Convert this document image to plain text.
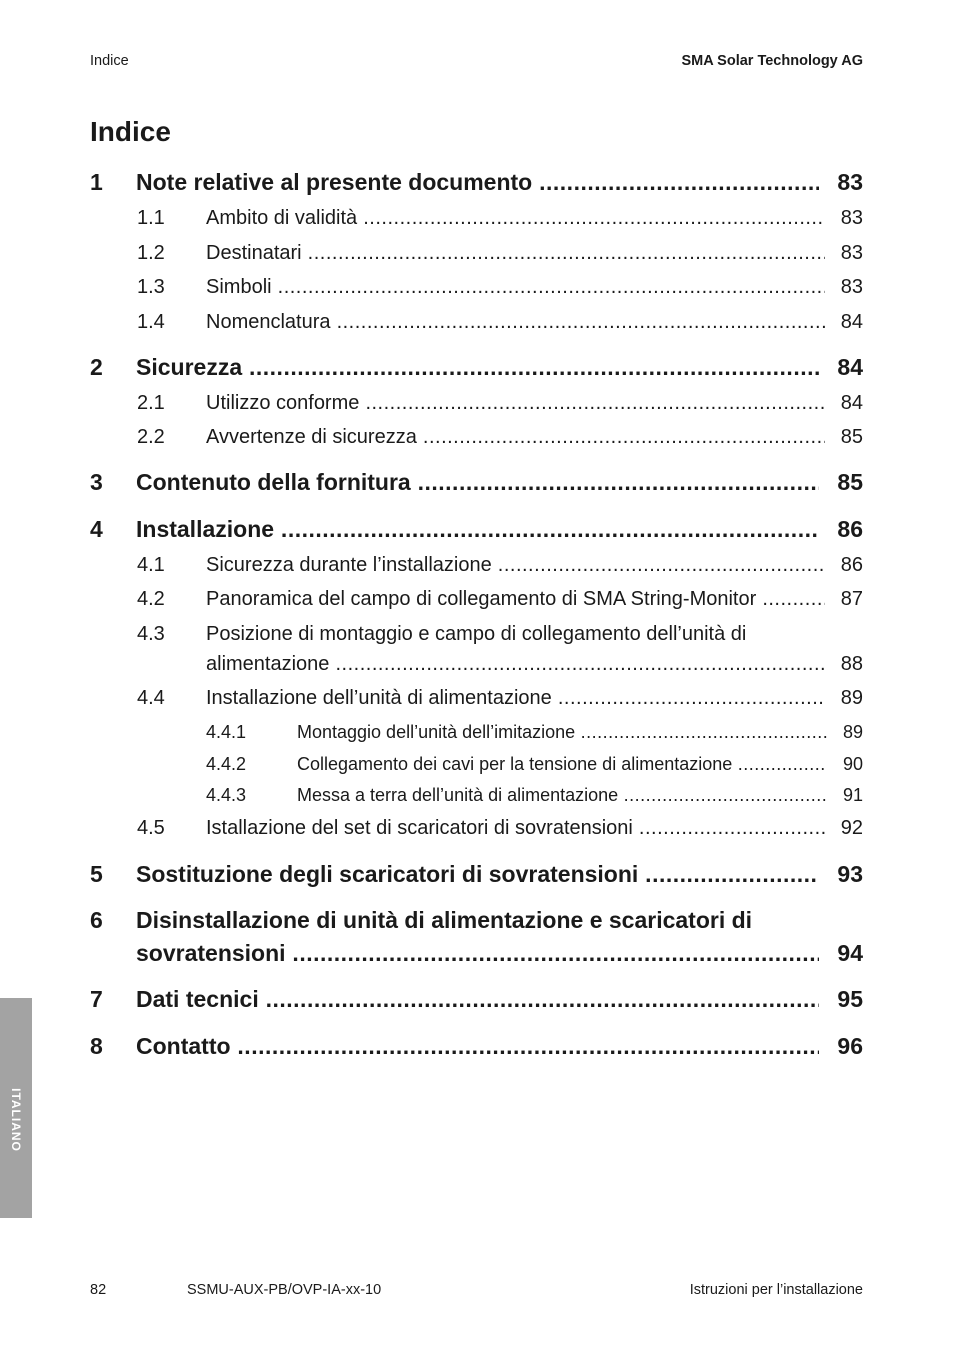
Indice	SMA Solar Technology AG
Indice
1 Note relative al presente documento .....	83
1.1 Ambito di validità .....	83
1.2 Destinatari .....	83
1.3 Simboli .....	83
1.4 Nomenclatura .....	84
2 Sicurezza .....	84
2.1 Utilizzo conforme .....	84
2.2 Avvertenze di sicurezza .....	85
3 Contenuto della fornitura .....	85
4 Installazione .....	86
4.1 Sicurezza durante l’installazione .....	86
4.2 Panoramica del campo di collegamento di SMA String-Monitor .....	87
4.3 Posizione di montaggio e campo di collegamento dell’unità di
alimentazione .....	88
4.4 Installazione dell’unità di alimentazione .....	89
4.4.1	Montaggio dell’unità dell’imitazione .....	89
4.4.2	Collegamento dei cavi per la tensione di alimentazione .....	90
4.4.3	Messa a terra dell’unità di alimentazione .....	91
4.5 Istallazione del set di scaricatori di sovratensioni .....	92
5 Sostituzione degli scaricatori di sovratensioni .....	93
6 Disinstallazione di unità di alimentazione e scaricatori di
sovratensioni .....	94
7 Dati tecnici .....	95
8 Contatto .....	96
ITALIANO
82	SSMU-AUX-PB/OVP-IA-xx-10	Istruzioni per l’installazione
